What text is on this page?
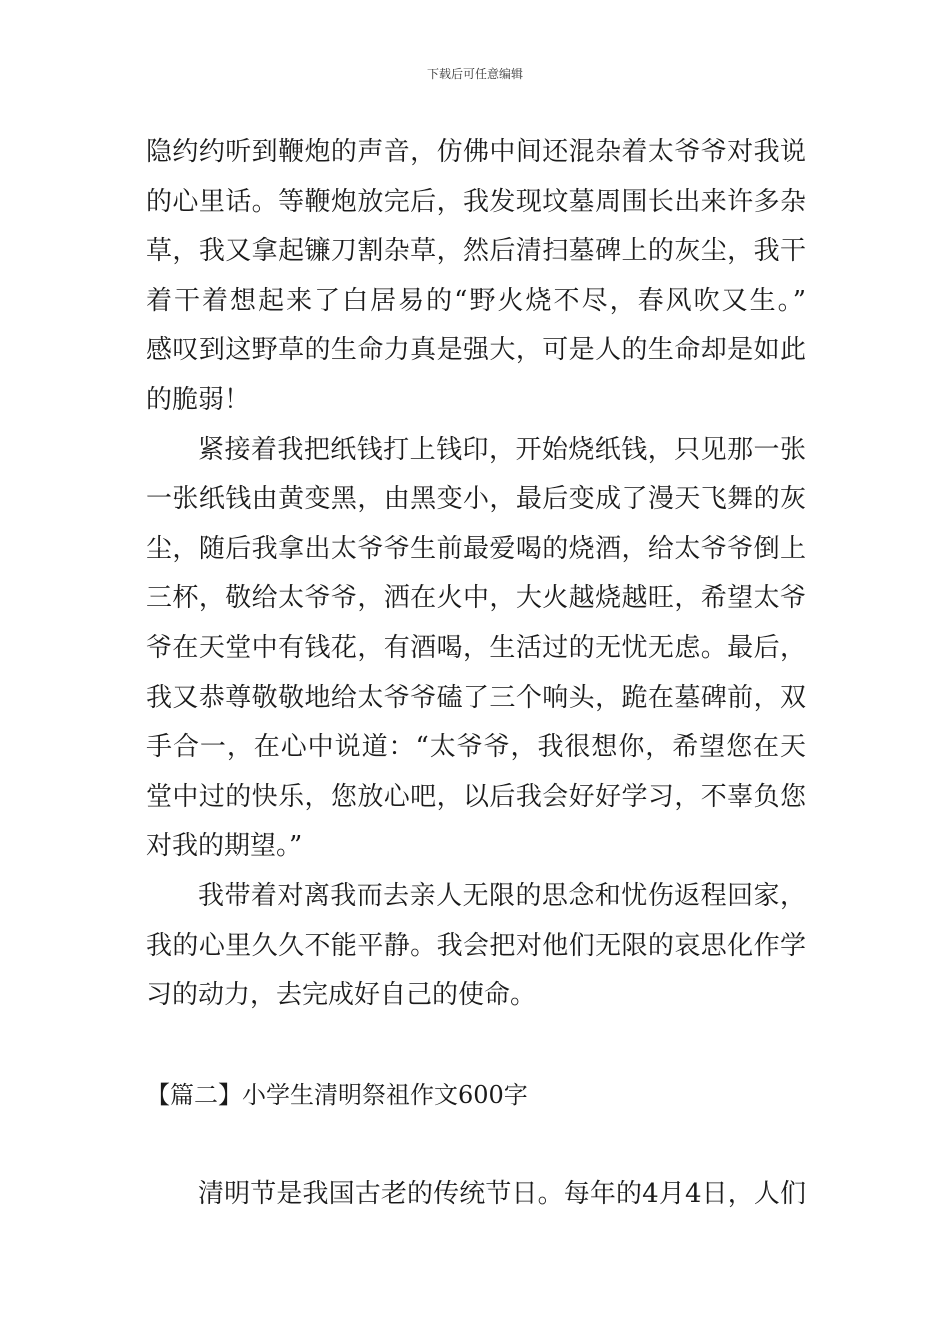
下载后可任意编辑
隐约约听到鞭炮的声音，仿佛中间还混杂着太爷爷对我说
的心里话。等鞭炮放完后，我发现坟墓周围长出来许多杂
草，我又拿起镰刀割杂草，然后清扫墓碑上的灰尘，我干
着干着想起来了白居易的“野火烧不尽，春风吹又生。”
感叹到这野草的生命力真是强大，可是人的生命却是如此
的脆弱！
紧接着我把纸钱打上钱印，开始烧纸钱，只见那一张
一张纸钱由黄变黑，由黑变小，最后变成了漫天飞舞的灰
尘，随后我拿出太爷爷生前最爱喝的烧酒，给太爷爷倒上
三杯，敬给太爷爷，洒在火中，大火越烧越旺，希望太爷
爷在天堂中有钱花，有酒喝，生活过的无忧无虑。最后，
我又恭尊敬敬地给太爷爷磕了三个响头，跪在墓碑前，双
手合一，在心中说道：“太爷爷，我很想你，希望您在天
堂中过的快乐，您放心吧，以后我会好好学习，不辜负您
对我的期望。”
我带着对离我而去亲人无限的思念和忧伤返程回家，
我的心里久久不能平静。我会把对他们无限的哀思化作学
习的动力，去完成好自己的使命。
【篇二】小学生清明祭祖作文600字
清明节是我国古老的传统节日。每年的4月4日，人们
